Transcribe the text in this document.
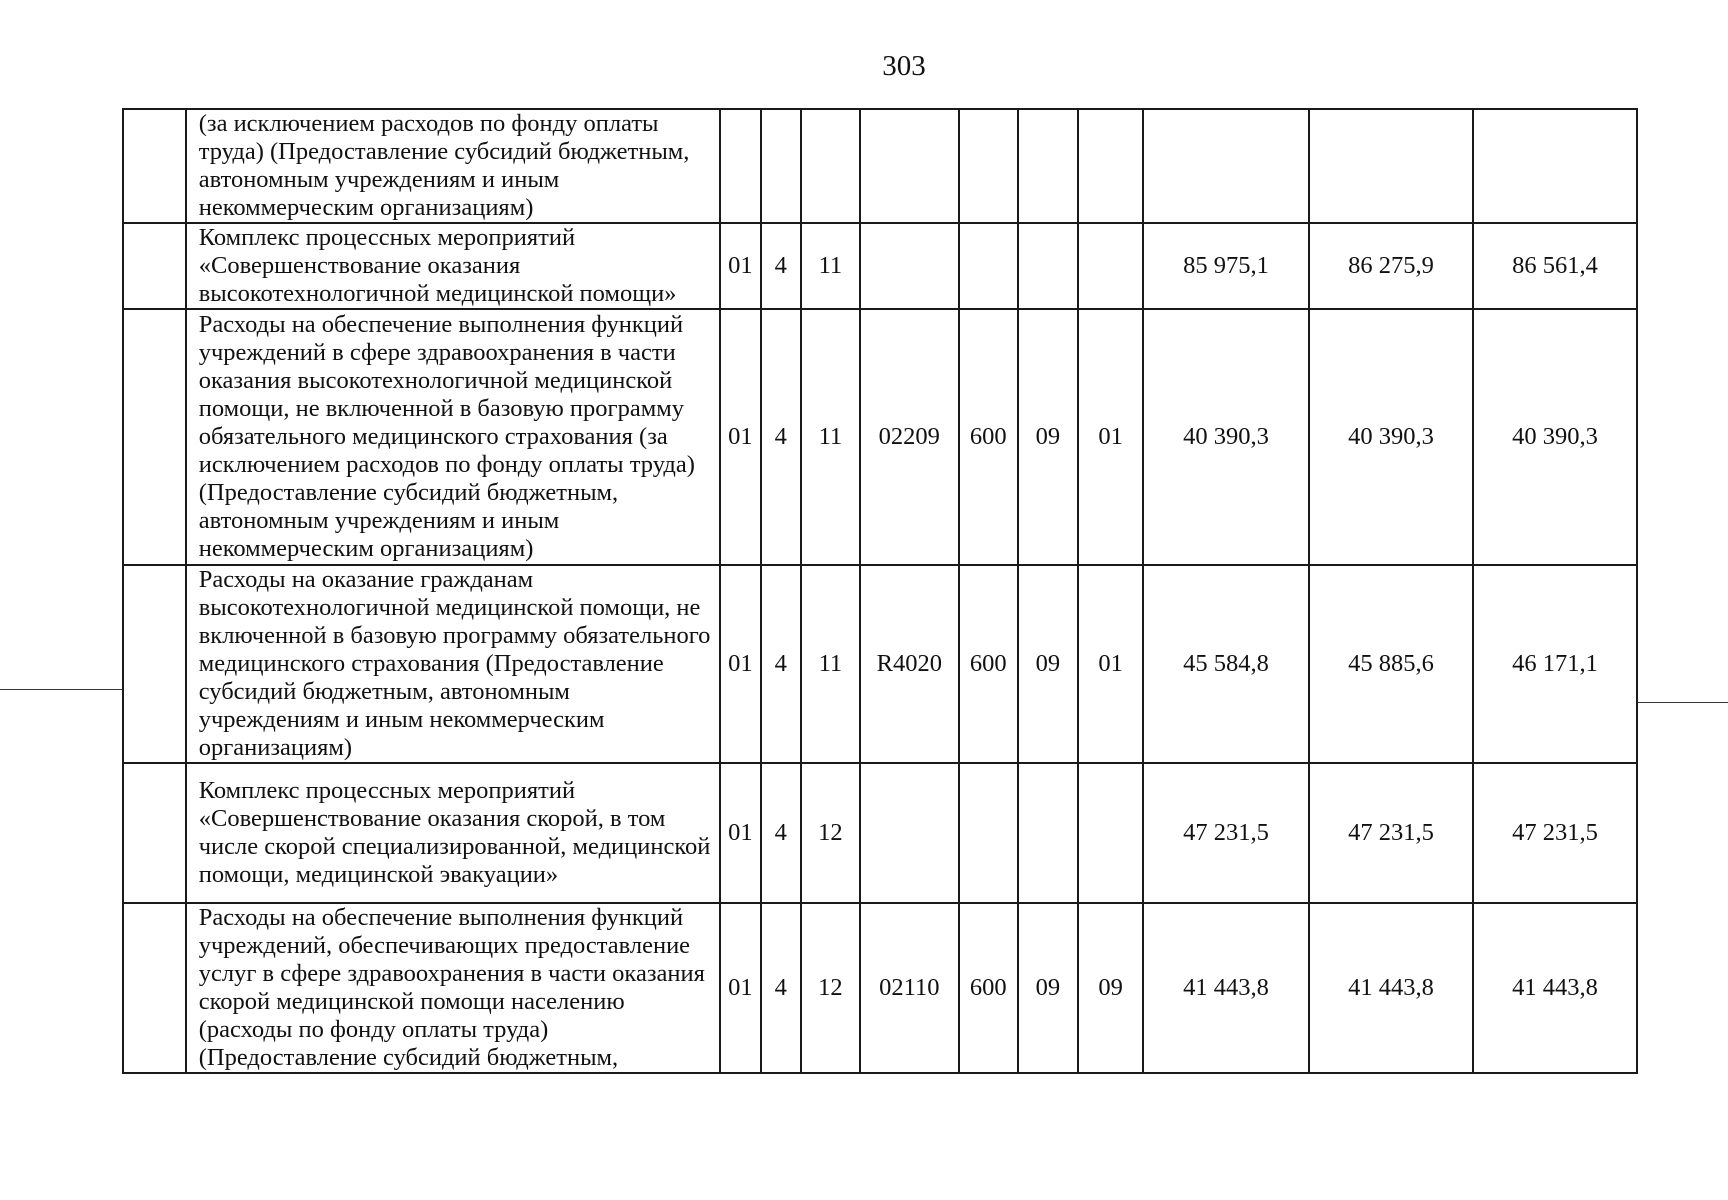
303
	(за исключением расходов по фонду оплаты труда) (Предоставление субсидий бюджетным, автономным учреждениям и иным некоммерческим организациям)										
	Комплекс процессных мероприятий «Совершенствование оказания высокотехнологичной медицинской помощи»	01	4	11					85 975,1	86 275,9	86 561,4
	Расходы на обеспечение выполнения функций учреждений в сфере здравоохранения в части оказания высокотехнологичной медицинской помощи, не включенной в базовую программу обязательного медицинского страхования (за исключением расходов по фонду оплаты труда) (Предоставление субсидий бюджетным, автономным учреждениям и иным некоммерческим организациям)	01	4	11	02209	600	09	01	40 390,3	40 390,3	40 390,3
	Расходы на оказание гражданам высокотехнологичной медицинской помощи, не включенной в базовую программу обязательного медицинского страхования (Предоставление субсидий бюджетным, автономным учреждениям и иным некоммерческим организациям)	01	4	11	R4020	600	09	01	45 584,8	45 885,6	46 171,1
	Комплекс процессных мероприятий «Совершенствование оказания скорой, в том числе скорой специализированной, медицинской помощи, медицинской эвакуации»	01	4	12					47 231,5	47 231,5	47 231,5
	Расходы на обеспечение выполнения функций учреждений, обеспечивающих предоставление услуг в сфере здравоохранения в части оказания скорой медицинской помощи населению (расходы по фонду оплаты труда) (Предоставление субсидий бюджетным,	01	4	12	02110	600	09	09	41 443,8	41 443,8	41 443,8
